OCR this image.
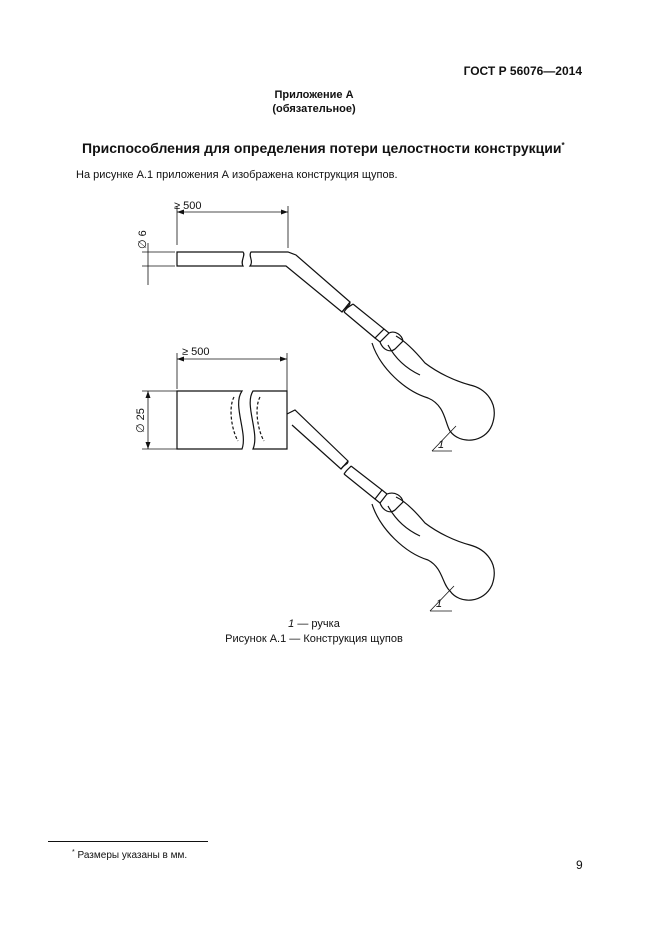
ГОСТ Р 56076—2014
Приложение А
(обязательное)
Приспособления для определения потери целостности конструкции*
На рисунке А.1 приложения А изображена конструкция щупов.
≥ 500
∅ 6
1
≥ 500
∅ 25
1
1 — ручка
Рисунок А.1 — Конструкция щупов
* Размеры указаны в мм.
9
